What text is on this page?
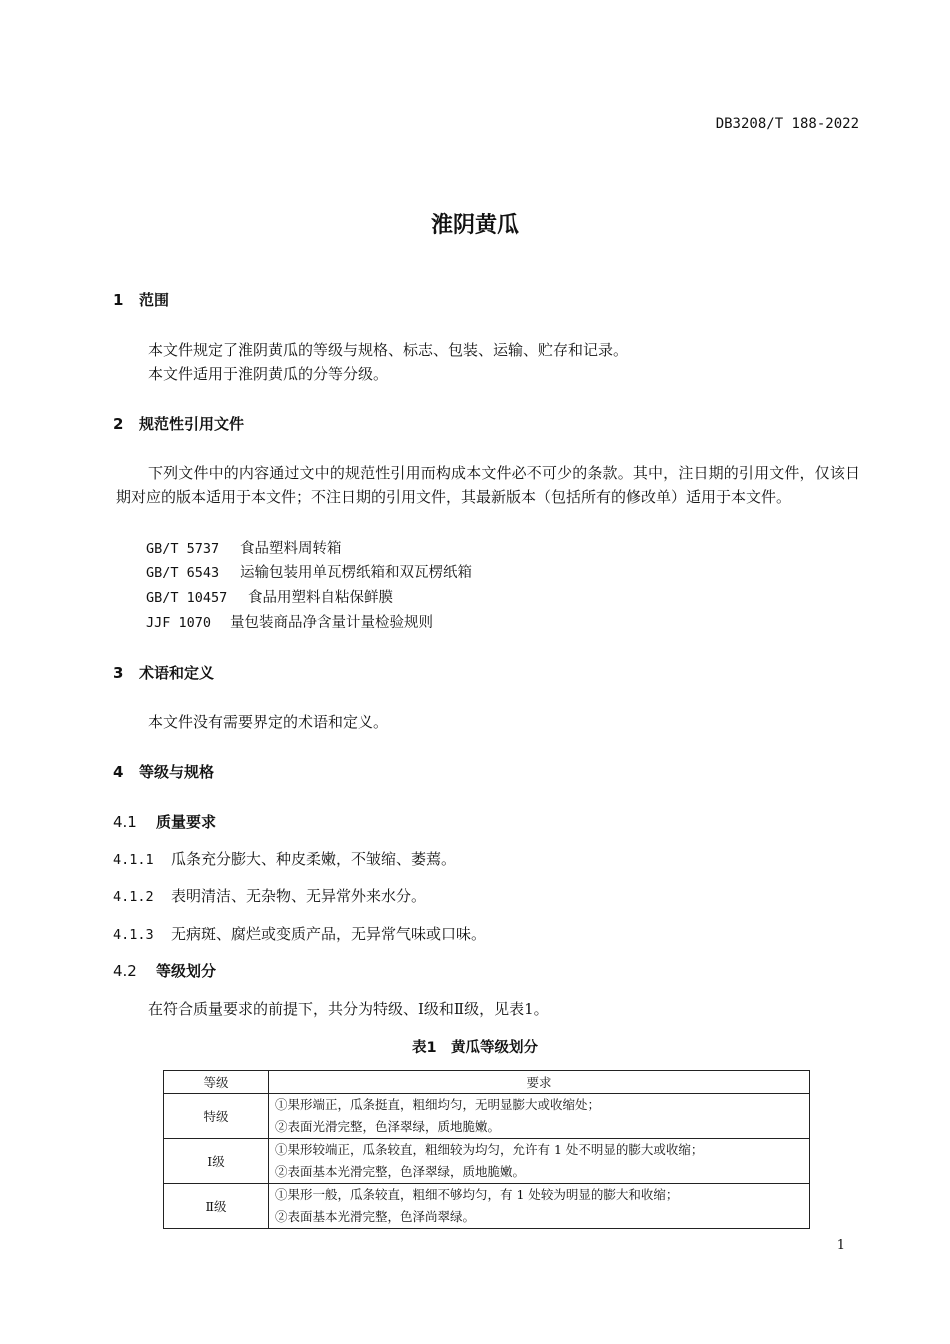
DB3208/T 188-2022
淮阴黄瓜
1 范围
本文件规定了淮阴黄瓜的等级与规格、标志、包装、运输、贮存和记录。
本文件适用于淮阴黄瓜的分等分级。
2 规范性引用文件
下列文件中的内容通过文中的规范性引用而构成本文件必不可少的条款。其中，注日期的引用文件，仅该日期对应的版本适用于本文件；不注日期的引用文件，其最新版本（包括所有的修改单）适用于本文件。
GB/T 5737 食品塑料周转箱
GB/T 6543 运输包装用单瓦楞纸箱和双瓦楞纸箱
GB/T 10457 食品用塑料自粘保鲜膜
JJF 1070 量包装商品净含量计量检验规则
3 术语和定义
本文件没有需要界定的术语和定义。
4 等级与规格
4.1 质量要求
4.1.1 瓜条充分膨大、种皮柔嫩，不皱缩、萎蔫。
4.1.2 表明清洁、无杂物、无异常外来水分。
4.1.3 无病斑、腐烂或变质产品，无异常气味或口味。
4.2 等级划分
在符合质量要求的前提下，共分为特级、Ⅰ级和Ⅱ级，见表1。
表1　黄瓜等级划分
等级	要求
特级	①果形端正，瓜条挺直，粗细均匀，无明显膨大或收缩处；
②表面光滑完整，色泽翠绿，质地脆嫩。

Ⅰ级	①果形较端正，瓜条较直，粗细较为均匀，允许有 1 处不明显的膨大或收缩；
②表面基本光滑完整，色泽翠绿，质地脆嫩。

Ⅱ级	①果形一般，瓜条较直，粗细不够均匀，有 1 处较为明显的膨大和收缩；
②表面基本光滑完整，色泽尚翠绿。
1
